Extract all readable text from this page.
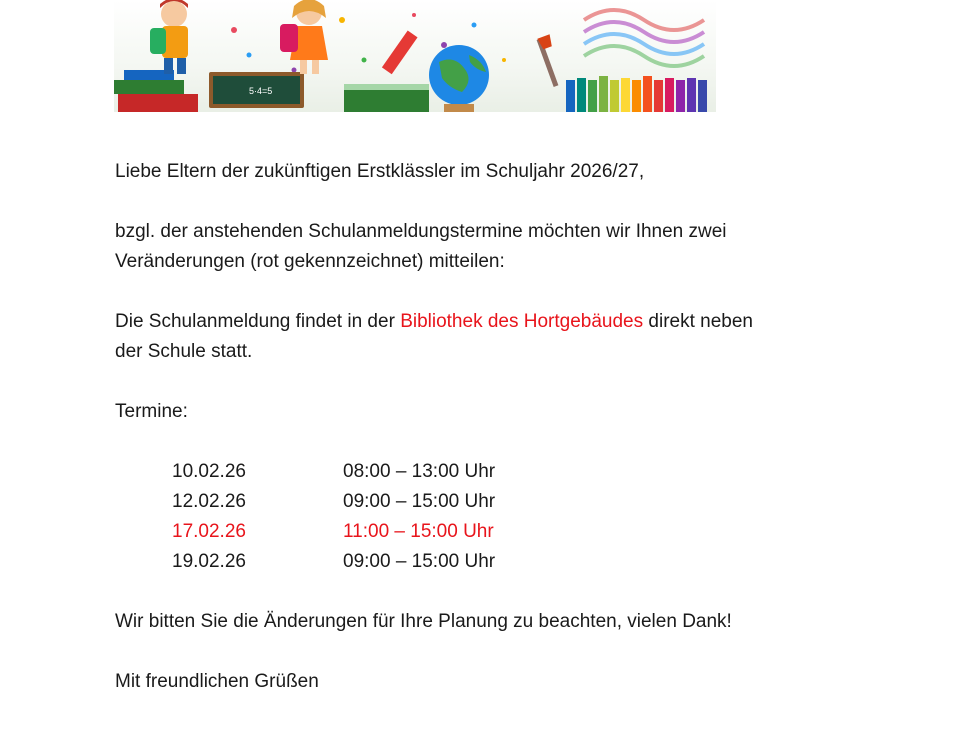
5·4=5

Liebe Eltern der zukünftigen Erstklässler im Schuljahr 2026/27,

bzgl. der anstehenden Schulanmeldungstermine möchten wir Ihnen zwei

Veränderungen (rot gekennzeichnet) mitteilen:

Die Schulanmeldung findet in der Bibliothek des Hortgebäudes direkt neben

der Schule statt.

Termine:

10.02.26	08:00 – 13:00 Uhr
12.02.26	09:00 – 15:00 Uhr
17.02.26	11:00 – 15:00 Uhr
19.02.26	09:00 – 15:00 Uhr

Wir bitten Sie die Änderungen für Ihre Planung zu beachten, vielen Dank!

Mit freundlichen Grüßen
